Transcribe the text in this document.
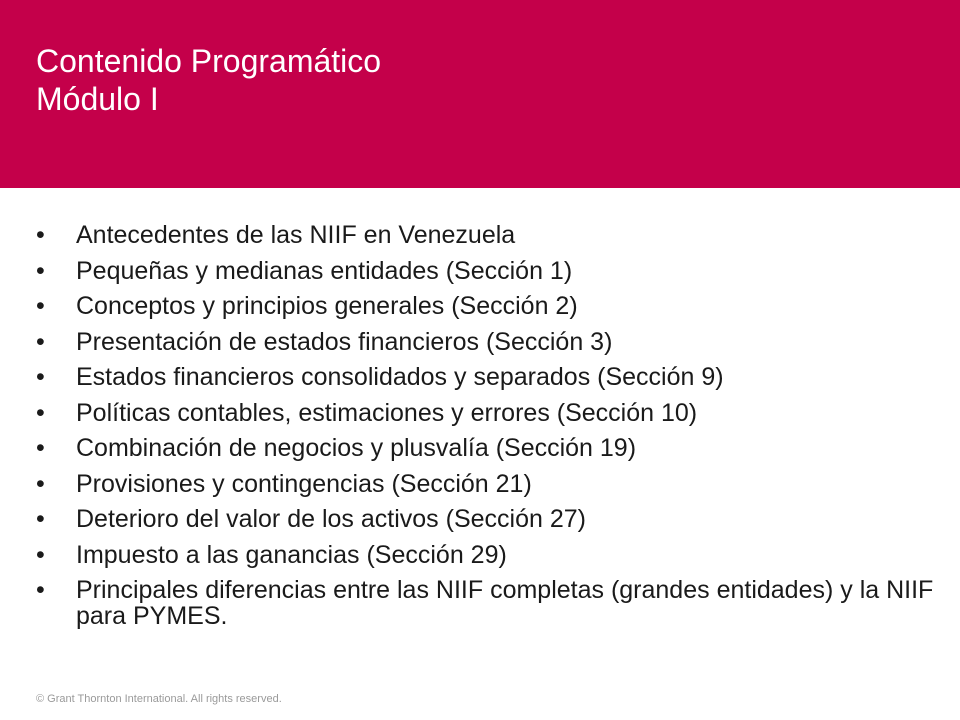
Contenido Programático
Módulo I
• Antecedentes de las NIIF en Venezuela
• Pequeñas y medianas entidades (Sección 1)
• Conceptos y principios generales (Sección 2)
• Presentación de estados financieros (Sección 3)
• Estados financieros consolidados y separados (Sección 9)
• Políticas contables, estimaciones y errores (Sección 10)
• Combinación de negocios y plusvalía (Sección 19)
• Provisiones y contingencias (Sección 21)
• Deterioro del valor de los activos (Sección 27)
• Impuesto a las ganancias (Sección 29)
• Principales diferencias entre las NIIF completas (grandes entidades) y la NIIF para PYMES.
© Grant Thornton International. All rights reserved.
